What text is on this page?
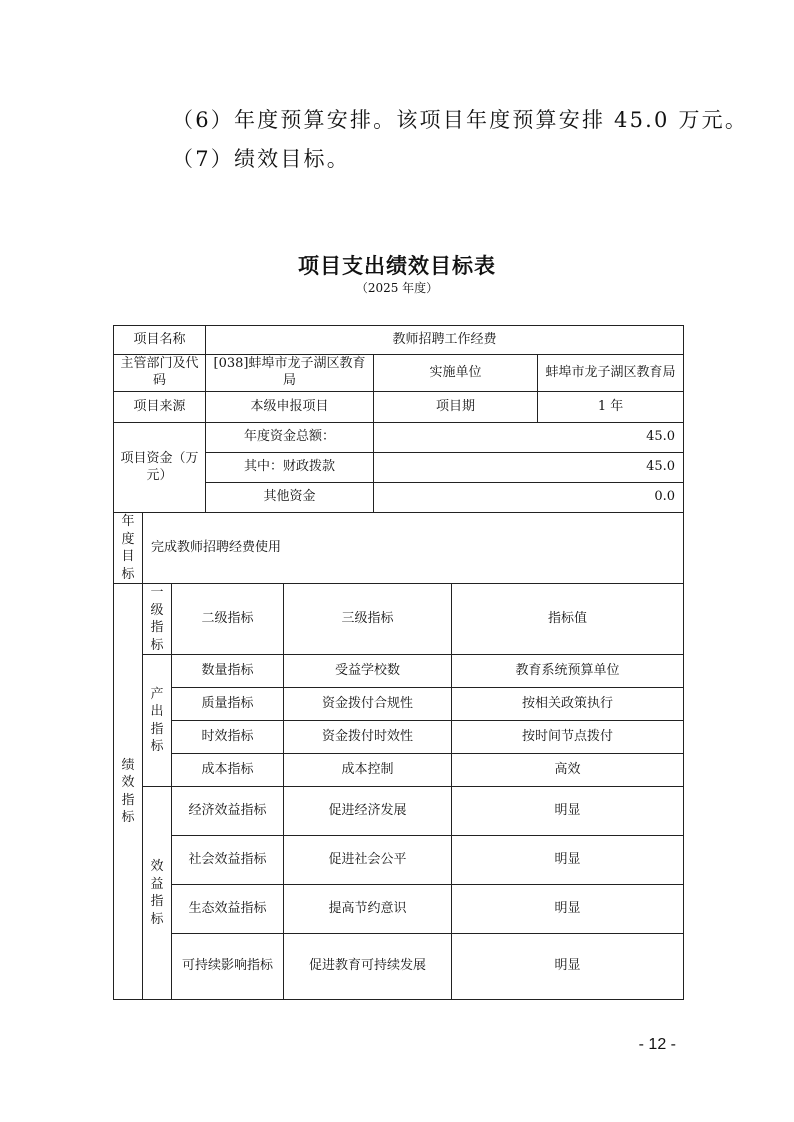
（6）年度预算安排。该项目年度预算安排 45.0 万元。
（7）绩效目标。
项目支出绩效目标表
（2025 年度）
项目名称			教师招聘工作经费				
主管部门及代码			[038]蚌埠市龙子湖区教育局		实施单位		蚌埠市龙子湖区教育局
项目来源			本级申报项目		项目期		1 年
项目资金（万元）			年度资金总额：		45.0		
			其中：财政拨款		45.0		
			其他资金		0.0		

年度目标	完成教师招聘经费使用						

绩效指标	一级指标	二级指标		三级指标		指标值	

	产出指标	数量指标		受益学校数		教育系统预算单位	
		质量指标		资金拨付合规性		按相关政策执行	
		时效指标		资金拨付时效性		按时间节点拨付	
		成本指标		成本控制		高效	

	效益指标	经济效益指标		促进经济发展		明显	
		社会效益指标		促进社会公平		明显	
		生态效益指标		提高节约意识		明显	
		可持续影响指标		促进教育可持续发展		明显	
- 12 -
